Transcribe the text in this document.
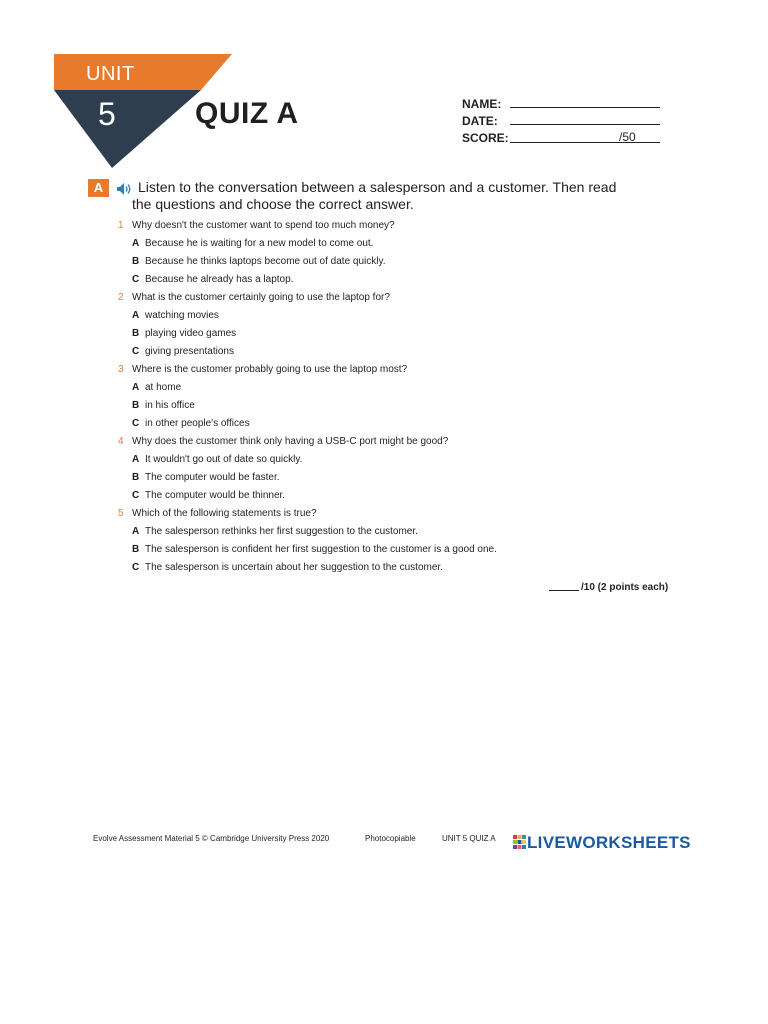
UNIT
5	QUIZ A	NAME:
DATE:
SCORE:	/50
A	Listen to the conversation between a salesperson and a customer. Then read
the questions and choose the correct answer.
1 Why doesn't the customer want to spend too much money?
A Because he is waiting for a new model to come out.
B Because he thinks laptops become out of date quickly.
C Because he already has a laptop.
2 What is the customer certainly going to use the laptop for?
A watching movies
B playing video games
C giving presentations
3 Where is the customer probably going to use the laptop most?
A at home
B in his office
C in other people's offices
4 Why does the customer think only having a USB-C port might be good?
A It wouldn't go out of date so quickly.
B The computer would be faster.
C The computer would be thinner.
5 Which of the following statements is true?
A The salesperson rethinks her first suggestion to the customer.
B The salesperson is confident her first suggestion to the customer is a good one.
C The salesperson is uncertain about her suggestion to the customer.
/10 (2 points each)
Evolve Assessment Material 5 © Cambridge University Press 2020	Photocopiable	UNIT 5 QUIZ A LIVEWORKSHEETS
